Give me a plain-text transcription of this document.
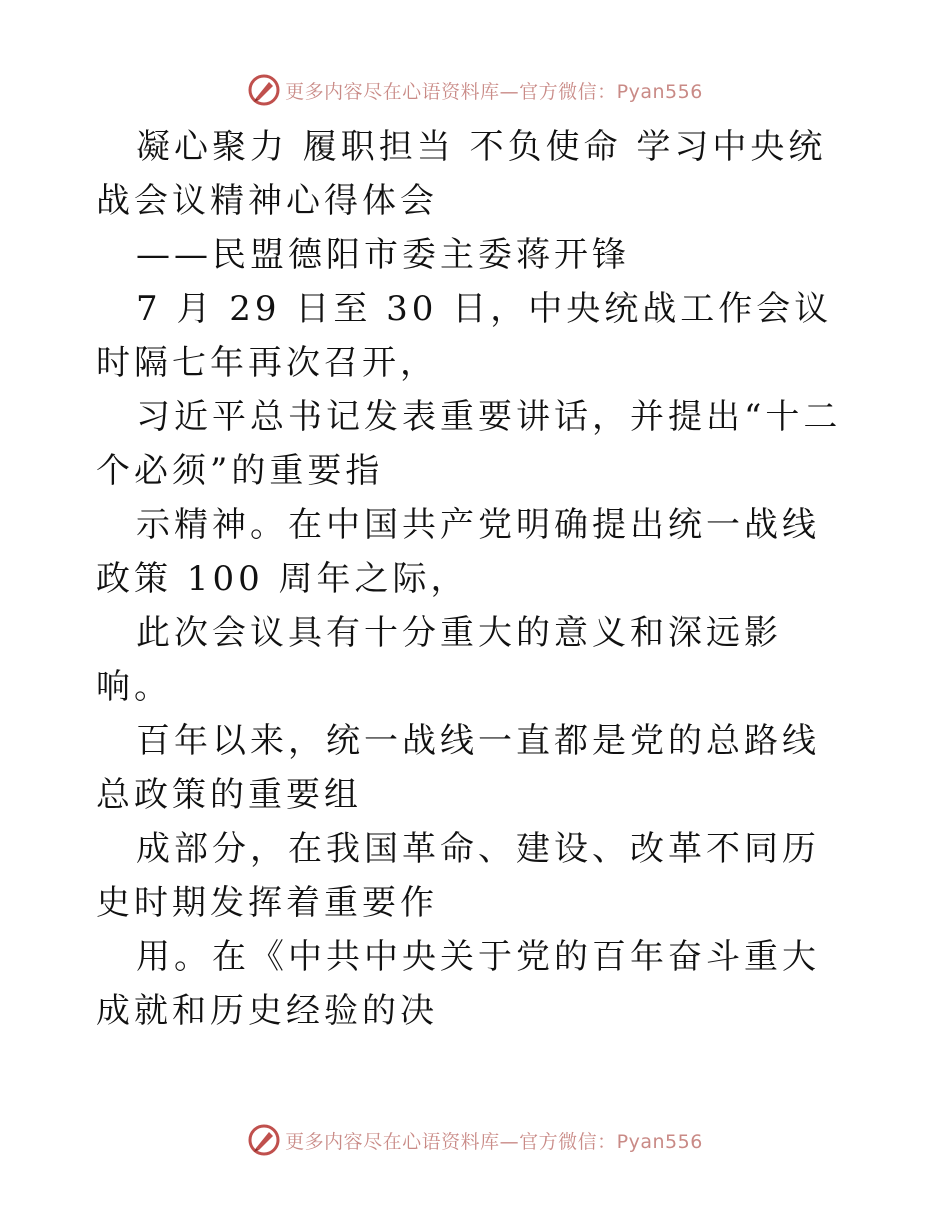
更多内容尽在心语资料库—官方微信：Pyan556

凝心聚力 履职担当 不负使命 学习中央统战会议精神心得体会

——民盟德阳市委主委蒋开锋

7 月 29 日至 30 日，中央统战工作会议时隔七年再次召开，

习近平总书记发表重要讲话，并提出“十二个必须”的重要指

示精神。在中国共产党明确提出统一战线政策 100 周年之际，

此次会议具有十分重大的意义和深远影响。

百年以来，统一战线一直都是党的总路线总政策的重要组

成部分，在我国革命、建设、改革不同历史时期发挥着重要作

用。在《中共中央关于党的百年奋斗重大成就和历史经验的决

更多内容尽在心语资料库—官方微信：Pyan556
